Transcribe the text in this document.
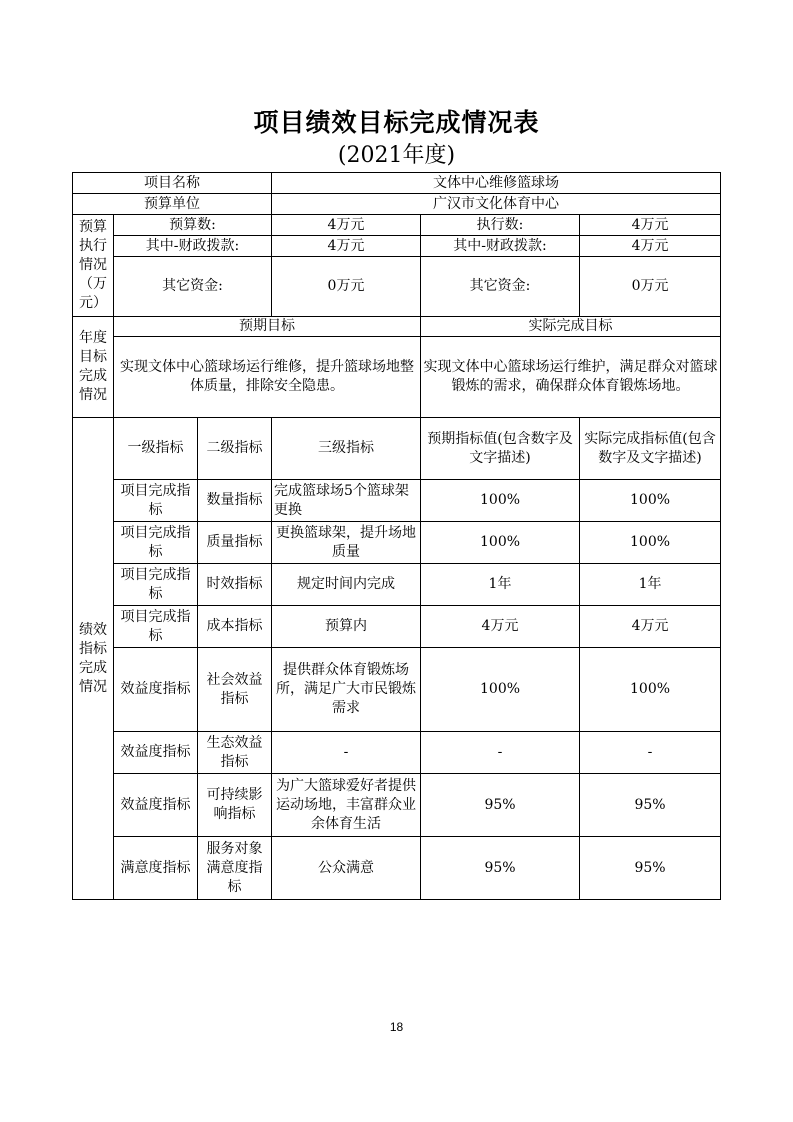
项目绩效目标完成情况表
(2021年度)
项目名称			文体中心维修篮球场		
预算单位			广汉市文化体育中心		
预算执行情况（万元）	预算数:		4万元	执行数:	4万元
	其中-财政拨款:		4万元	其中-财政拨款:	4万元
	其它资金:		0万元	其它资金:	0万元
年度目标完成情况	预期目标			实际完成目标	
	实现文体中心篮球场运行维修，提升篮球场地整体质量，排除安全隐患。			实现文体中心篮球场运行维护，满足群众对篮球锻炼的需求，确保群众体育锻炼场地。	
绩效指标完成情况	一级指标	二级指标	三级指标	预期指标值(包含数字及文字描述)	实际完成指标值(包含数字及文字描述)
	项目完成指标	数量指标	完成篮球场5个篮球架更换	100%	100%
	项目完成指标	质量指标	更换篮球架，提升场地质量	100%	100%
	项目完成指标	时效指标	规定时间内完成	1年	1年
	项目完成指标	成本指标	预算内	4万元	4万元
	效益度指标	社会效益指标	提供群众体育锻炼场所，满足广大市民锻炼需求	100%	100%
	效益度指标	生态效益指标	-	-	-
	效益度指标	可持续影响指标	为广大篮球爱好者提供运动场地，丰富群众业余体育生活	95%	95%
	满意度指标	服务对象满意度指标	公众满意	95%	95%
18
